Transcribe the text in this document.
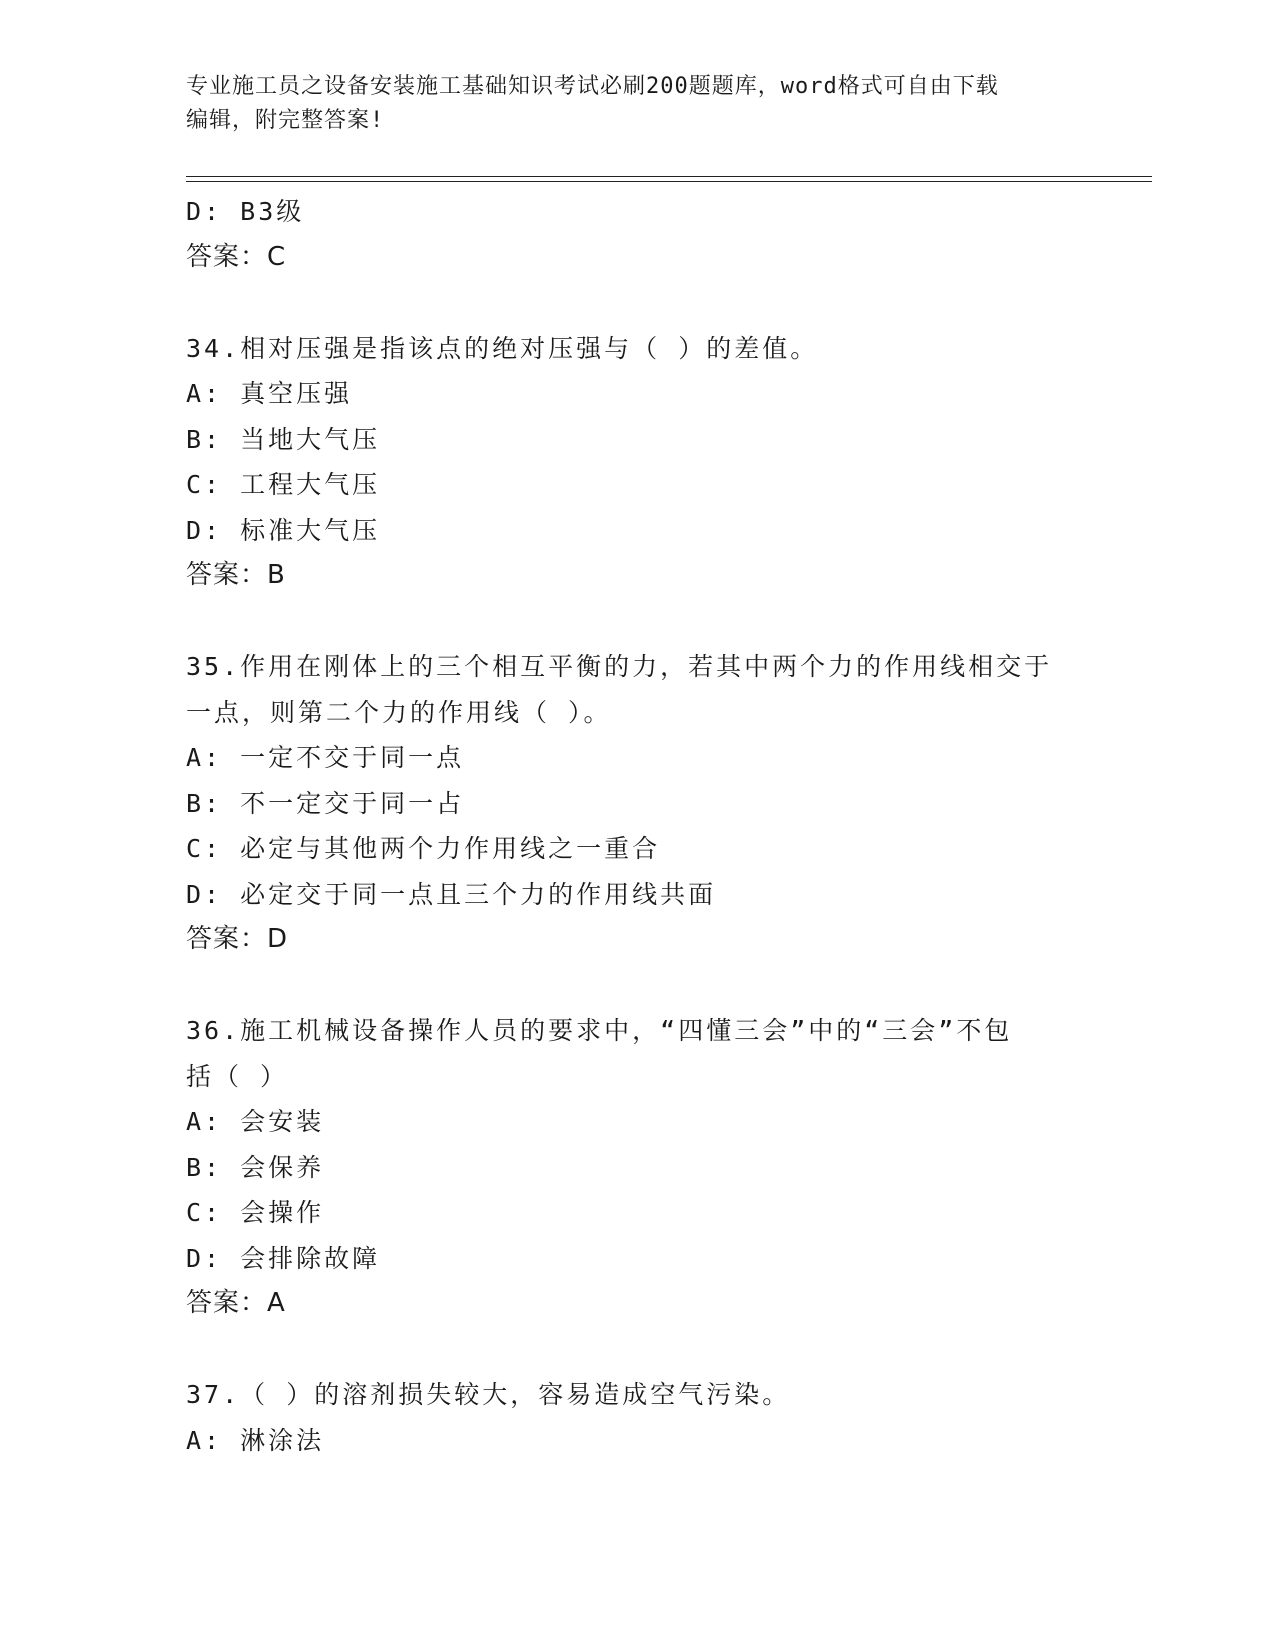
专业施工员之设备安装施工基础知识考试必刷200题题库，word格式可自由下载
编辑，附完整答案!
D: B3级
答案：C
34.相对压强是指该点的绝对压强与（ ）的差值。
A: 真空压强
B: 当地大气压
C: 工程大气压
D: 标准大气压
答案：B
35.作用在刚体上的三个相互平衡的力，若其中两个力的作用线相交于
一点，则第二个力的作用线（ ）。
A: 一定不交于同一点
B: 不一定交于同一占
C: 必定与其他两个力作用线之一重合
D: 必定交于同一点且三个力的作用线共面
答案：D
36.施工机械设备操作人员的要求中，“四懂三会”中的“三会”不包
括（ ）
A: 会安装
B: 会保养
C: 会操作
D: 会排除故障
答案：A
37.（ ）的溶剂损失较大，容易造成空气污染。
A: 淋涂法
